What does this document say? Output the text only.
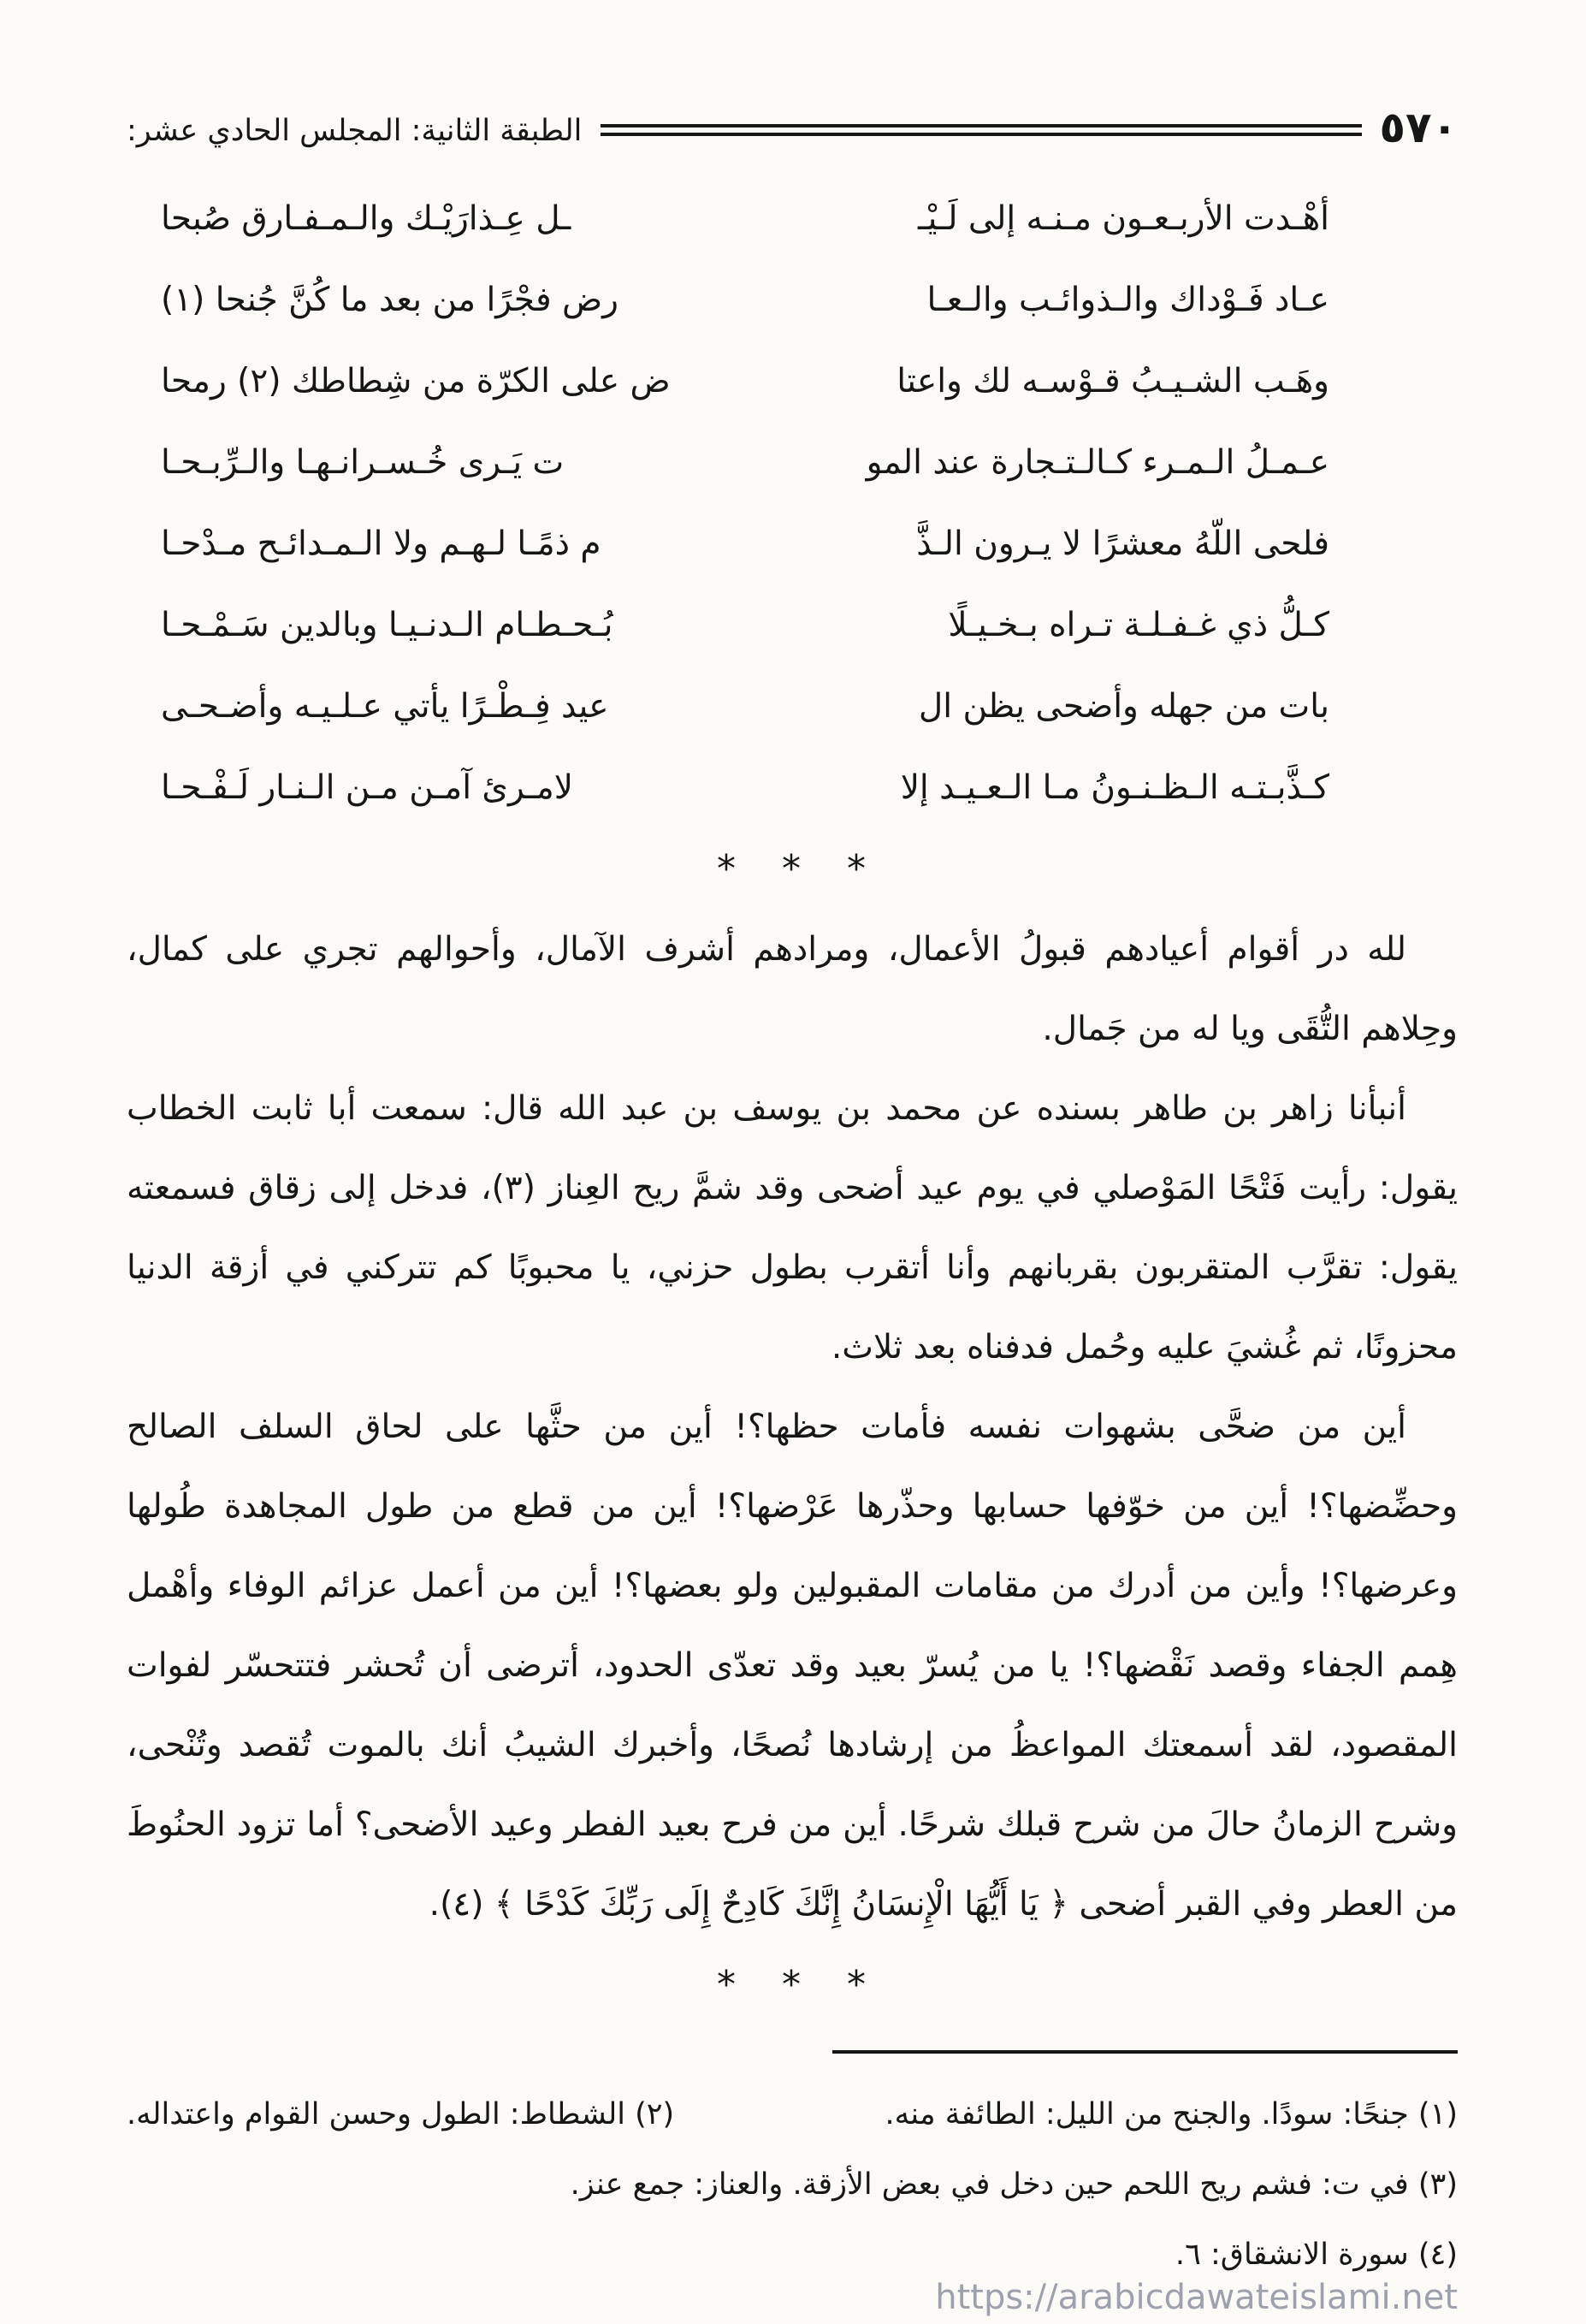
٥٧٠
الطبقة الثانية: المجلس الحادي عشر:
أهْـدت الأربـعـون مـنـه إلى لَـيْـ
ـل عِـذارَيْـك والـمـفـارق صُبحا
عـاد فَـوْداك والـذوائـب والـعـا
رض فجْرًا من بعد ما كُنَّ جُنحا (١)
وهَـب الشـيـبُ قـوْسـه لك واعتا
ض على الكرّة من شِطاطك (٢) رمحا
عـمـلُ الـمـرء كـالـتـجارة عند المو
ت يَـرى خُـسـرانـهـا والـرِّبـحـا
فلحى اللّهُ معشرًا لا يـرون الـذَّ
م ذمًـا لـهـم ولا الـمـدائـح مـدْحـا
كـلُّ ذي غـفـلـة تـراه بـخـيـلًا
بُـحـطـام الـدنـيـا وبالدين سَـمْـحـا
بات من جهله وأضحى يظن ال
عيد فِـطْـرًا يأتي عـلـيـه وأضـحـى
كـذَّبـتـه الـظـنـونُ مـا الـعـيـد إلا
لامـرئ آمـن مـن الـنـار لَـفْـحـا
* * *

لله در أقوام أعيادهم قبولُ الأعمال، ومرادهم أشرف الآمال، وأحوالهم تجري على كمال، وحِلاهم التُّقَى ويا له من جَمال.

أنبأنا زاهر بن طاهر بسنده عن محمد بن يوسف بن عبد الله قال: سمعت أبا ثابت الخطاب يقول: رأيت فَتْحًا المَوْصلي في يوم عيد أضحى وقد شمَّ ريح العِناز (٣)، فدخل إلى زقاق فسمعته يقول: تقرَّب المتقربون بقربانهم وأنا أتقرب بطول حزني، يا محبوبًا كم تتركني في أزقة الدنيا محزونًا، ثم غُشيَ عليه وحُمل فدفناه بعد ثلاث.

أين من ضحَّى بشهوات نفسه فأمات حظها؟! أين من حثَّها على لحاق السلف الصالح وحضِّضها؟! أين من خوّفها حسابها وحذّرها عَرْضها؟! أين من قطع من طول المجاهدة طُولها وعرضها؟! وأين من أدرك من مقامات المقبولين ولو بعضها؟! أين من أعمل عزائم الوفاء وأهْمل هِمم الجفاء وقصد نَقْضها؟! يا من يُسرّ بعيد وقد تعدّى الحدود، أترضى أن تُحشر فتتحسّر لفوات المقصود، لقد أسمعتك المواعظُ من إرشادها نُصحًا، وأخبرك الشيبُ أنك بالموت تُقصد وتُنْحى، وشرح الزمانُ حالَ من شرح قبلك شرحًا. أين من فرح بعيد الفطر وعيد الأضحى؟ أما تزود الحنُوطَ من العطر وفي القبر أضحى ﴿ يَا أَيُّهَا الْإِنسَانُ إِنَّكَ كَادِحٌ إِلَى رَبِّكَ كَدْحًا ﴾ (٤).

* * *
(١) جنحًا: سودًا. والجنح من الليل: الطائفة منه.
(٢) الشطاط: الطول وحسن القوام واعتداله.
(٣) في ت: فشم ريح اللحم حين دخل في بعض الأزقة. والعناز: جمع عنز.
(٤) سورة الانشقاق: ٦.
https://arabicdawateislami.net
